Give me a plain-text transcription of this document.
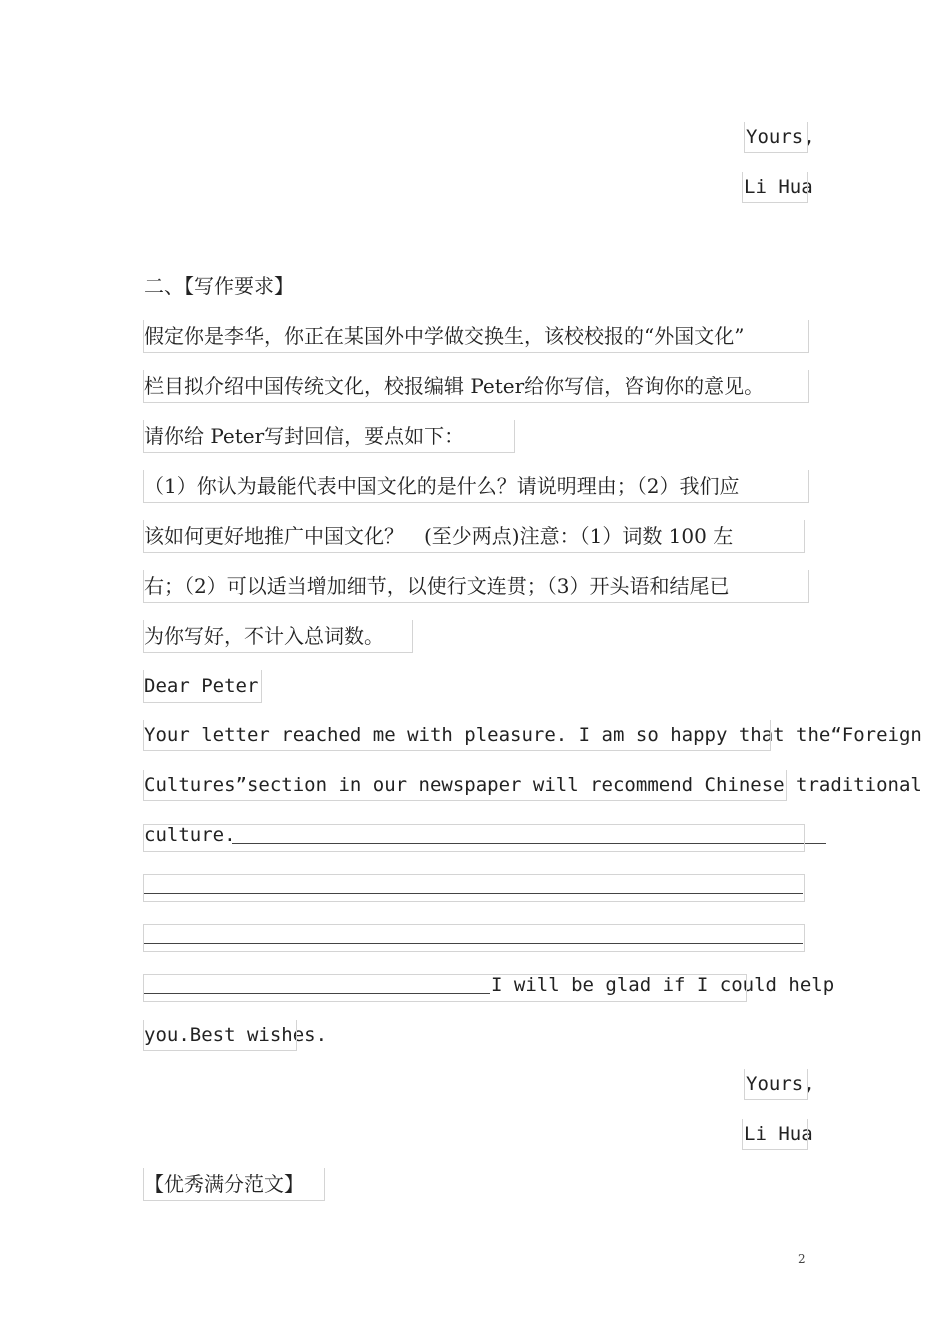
Yours,
Li Hua
二、【写作要求】
假定你是李华，你正在某国外中学做交换生，该校校报的“外国文化”
栏目拟介绍中国传统文化，校报编辑 Peter给你写信，咨询你的意见。
请你给 Peter写封回信，要点如下：
（1）你认为最能代表中国文化的是什么？请说明理由；（2）我们应
该如何更好地推广中国文化？　(至少两点)注意：（1）词数 100 左
右；（2）可以适当增加细节，以使行文连贯；（3）开头语和结尾已
为你写好，不计入总词数。
Dear Peter
Your letter reached me with pleasure. I am so happy that the“Foreign
Cultures”section in our newspaper will recommend Chinese traditional
culture.
I will be glad if I could help
you.Best wishes.
Yours,
Li Hua
【优秀满分范文】
2
